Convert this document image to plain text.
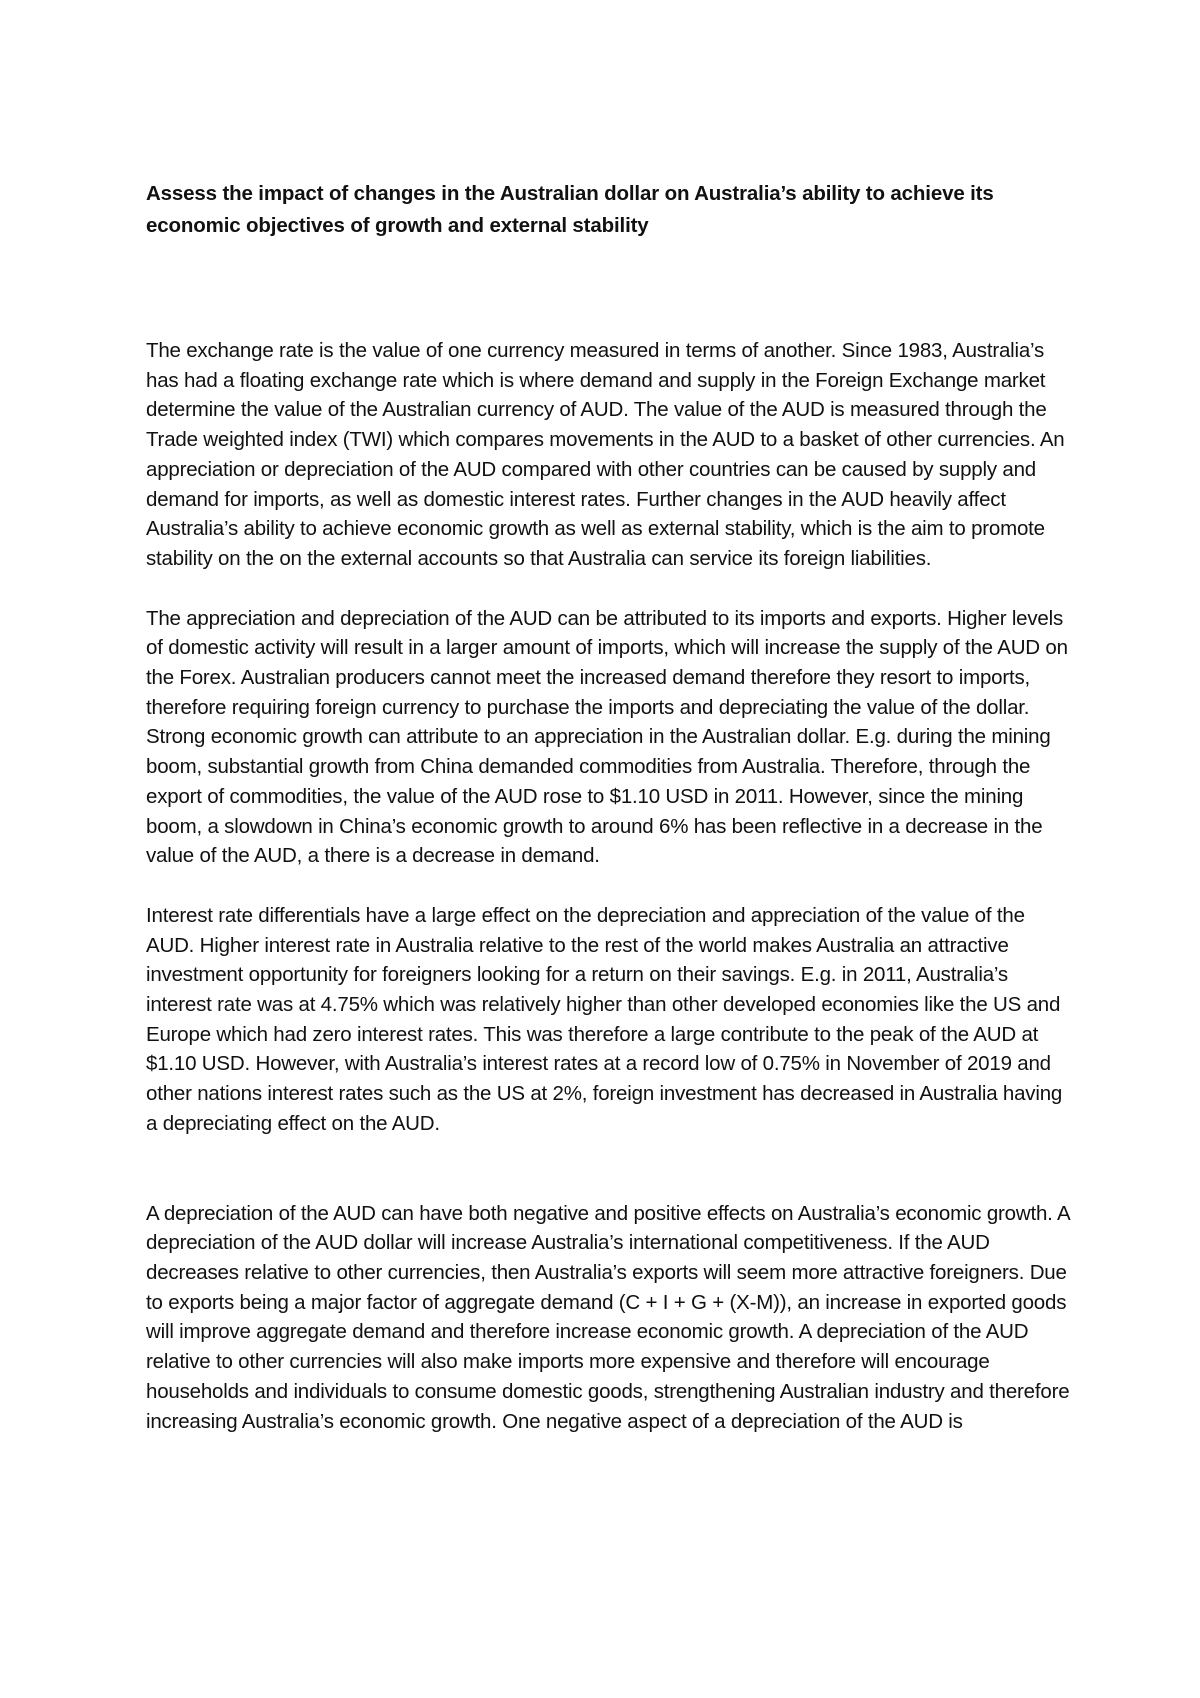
Assess the impact of changes in the Australian dollar on Australia’s ability to achieve its economic objectives of growth and external stability

The exchange rate is the value of one currency measured in terms of another. Since 1983, Australia’s has had a floating exchange rate which is where demand and supply in the Foreign Exchange market determine the value of the Australian currency of AUD. The value of the AUD is measured through the Trade weighted index (TWI) which compares movements in the AUD to a basket of other currencies. An appreciation or depreciation of the AUD compared with other countries can be caused by supply and demand for imports, as well as domestic interest rates. Further changes in the AUD heavily affect Australia’s ability to achieve economic growth as well as external stability, which is the aim to promote stability on the on the external accounts so that Australia can service its foreign liabilities.

The appreciation and depreciation of the AUD can be attributed to its imports and exports. Higher levels of domestic activity will result in a larger amount of imports, which will increase the supply of the AUD on the Forex. Australian producers cannot meet the increased demand therefore they resort to imports, therefore requiring foreign currency to purchase the imports and depreciating the value of the dollar. Strong economic growth can attribute to an appreciation in the Australian dollar. E.g. during the mining boom, substantial growth from China demanded commodities from Australia. Therefore, through the export of commodities, the value of the AUD rose to $1.10 USD in 2011. However, since the mining boom, a slowdown in China’s economic growth to around 6% has been reflective in a decrease in the value of the AUD, a there is a decrease in demand.

Interest rate differentials have a large effect on the depreciation and appreciation of the value of the AUD. Higher interest rate in Australia relative to the rest of the world makes Australia an attractive investment opportunity for foreigners looking for a return on their savings. E.g. in 2011, Australia’s interest rate was at 4.75% which was relatively higher than other developed economies like the US and Europe which had zero interest rates. This was therefore a large contribute to the peak of the AUD at $1.10 USD. However, with Australia’s interest rates at a record low of 0.75% in November of 2019 and other nations interest rates such as the US at 2%, foreign investment has decreased in Australia having a depreciating effect on the AUD.

A depreciation of the AUD can have both negative and positive effects on Australia’s economic growth. A depreciation of the AUD dollar will increase Australia’s international competitiveness. If the AUD decreases relative to other currencies, then Australia’s exports will seem more attractive foreigners. Due to exports being a major factor of aggregate demand (C + I + G + (X-M)), an increase in exported goods will improve aggregate demand and therefore increase economic growth. A depreciation of the AUD relative to other currencies will also make imports more expensive and therefore will encourage households and individuals to consume domestic goods, strengthening Australian industry and therefore increasing Australia’s economic growth. One negative aspect of a depreciation of the AUD is
